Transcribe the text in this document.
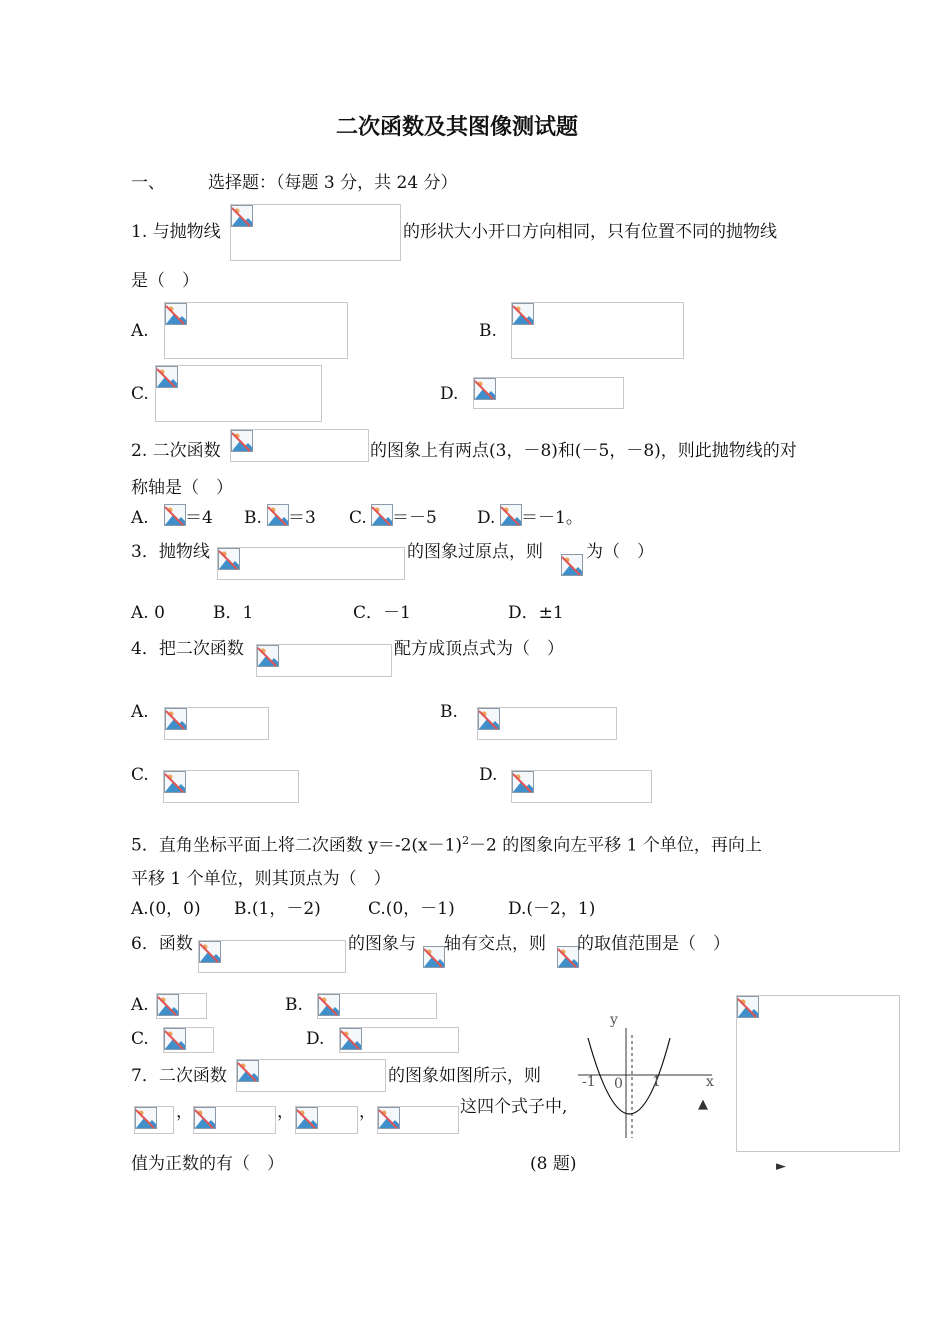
二次函数及其图像测试题
一、	选择题：（每题 3 分，共 24 分）
1. 与抛物线	的形状大小开口方向相同，只有位置不同的抛物线
是（　）
A.	B.
C.	D.
2. 二次函数	的图象上有两点(3，－8)和(－5，－8)，则此抛物线的对
称轴是（　）
A. ＝4 B. ＝3 C. ＝－5 D. ＝－1。
3．抛物线	的图象过原点，则	为（　）
A. 0	B．1	C．－1	D．±1
4．把二次函数	配方成顶点式为（　）
A.	B.
C.	D.
5．直角坐标平面上将二次函数 $y=-2(x-1)^2-2$ 的图象向左平移 1 个单位，再向上
平移 1 个单位，则其顶点为（　）
A.(0，0) B.(1，－2)	C.(0，－1)	D.(－2，1)
6．函数	的图象与 轴有交点，则 的取值范围是（　）
A.	B.
C.	D.
7．二次函数	的图象如图所示，则
，	，	，	这四个式子中,
值为正数的有（　）	(8 题)
y
x
-1 0 1
▲
►
